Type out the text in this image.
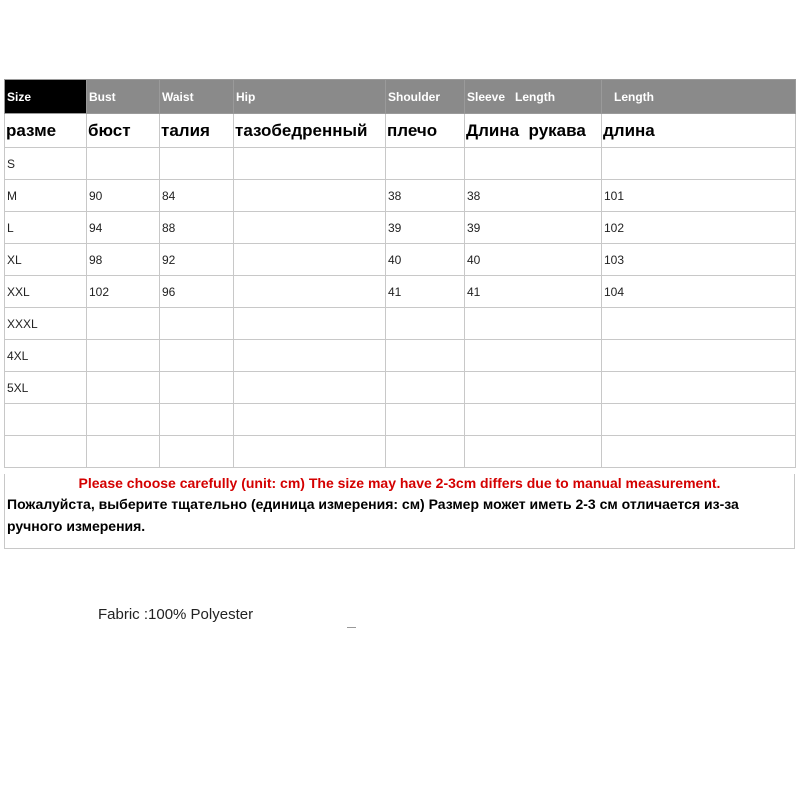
Size	Bust	Waist	Hip	Shoulder	Sleeve   Length	Length
разме	бюст	талия	тазобедренный	плечо	Длина  рукава	длина
S						
M	90	84		38	38	101
L	94	88		39	39	102
XL	98	92		40	40	103
XXL	102	96		41	41	104
XXXL						
4XL						
5XL						

Please choose carefully (unit: cm) The size may have 2-3cm differs due to manual measurement.
Пожалуйста, выберите тщательно (единица измерения: см) Размер может иметь 2-3 см отличается из-за ручного измерения.
Fabric :100% Polyester
